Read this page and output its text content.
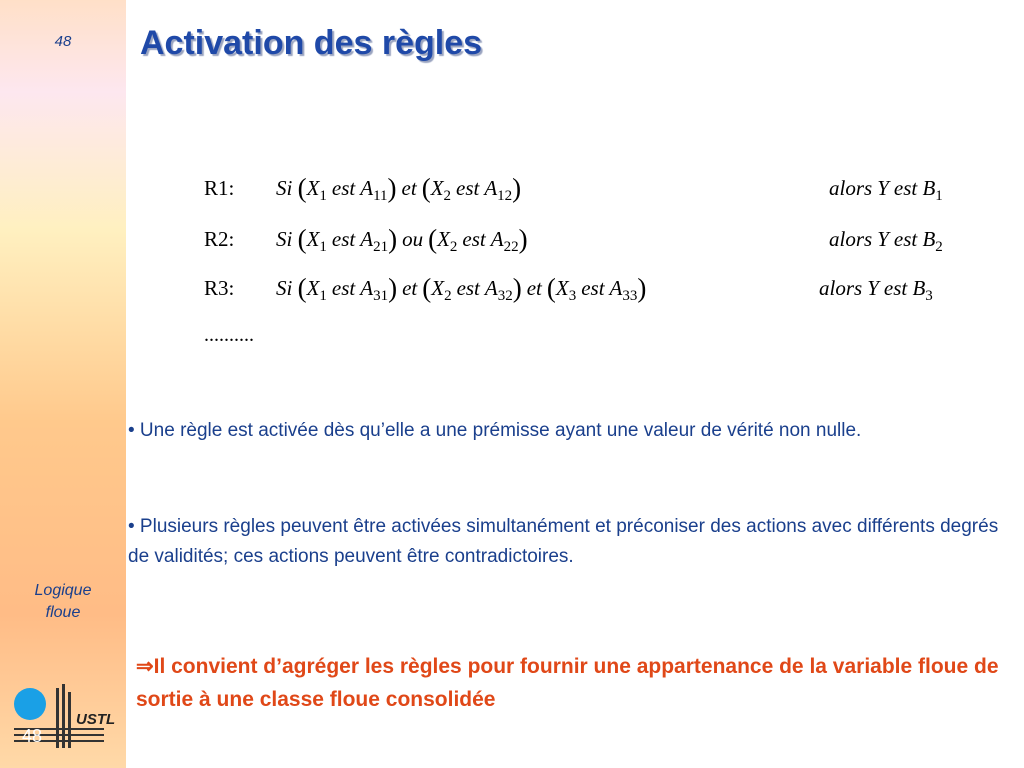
48
Logique
floue
USTL
48
Activation des règles
R1: Si ($X_1$ est $A_{11}$) et ($X_2$ est $A_{12}$)	alors Y est $B_1$
R2: Si ($X_1$ est $A_{21}$) ou ($X_2$ est $A_{22}$)	alors Y est $B_2$
R3: Si ($X_1$ est $A_{31}$) et ($X_2$ est $A_{32}$) et ($X_3$ est $A_{33}$)	alors Y est $B_3$
..........
• Une règle est activée dès qu’elle a une prémisse ayant une valeur de vérité non nulle.
• Plusieurs règles peuvent être activées simultanément et préconiser des actions avec différents degrés de validités; ces actions peuvent être contradictoires.
⇒Il convient d’agréger les règles pour fournir une appartenance de la variable floue de sortie à une classe floue consolidée
